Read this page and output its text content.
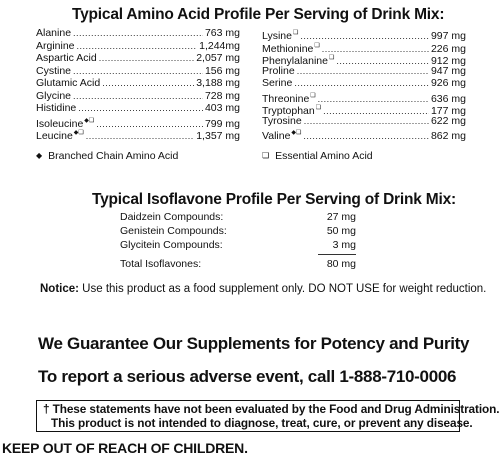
Typical Amino Acid Profile Per Serving of Drink Mix:
Alanine .....	763 mg
Arginine .....	1,244mg
Aspartic Acid .....	2,057 mg
Cystine .....	156 mg
Glutamic Acid .....	3,188 mg
Glycine .....	728 mg
Histidine .....	403 mg
Isoleucine◆❏ .....	799 mg
Leucine◆❏ .....	1,357 mg
Lysine❏ .....	997 mg
Methionine❏ .....	226 mg
Phenylalanine❏ .....	912 mg
Proline .....	947 mg
Serine .....	926 mg
Threonine❏ .....	636 mg
Tryptophan❏ .....	177 mg
Tyrosine .....	622 mg
Valine◆❏ .....	862 mg
◆ Branched Chain Amino Acid	❏ Essential Amino Acid
Typical Isoflavone Profile Per Serving of Drink Mix:
Daidzein Compounds:	27 mg
Genistein Compounds:	50 mg
Glycitein Compounds:	3 mg
Total Isoflavones:	80 mg
Notice: Use this product as a food supplement only. DO NOT USE for weight reduction.
We Guarantee Our Supplements for Potency and Purity
To report a serious adverse event, call 1-888-710-0006
† These statements have not been evaluated by the Food and Drug Administration.
This product is not intended to diagnose, treat, cure, or prevent any disease.
KEEP OUT OF REACH OF CHILDREN.
